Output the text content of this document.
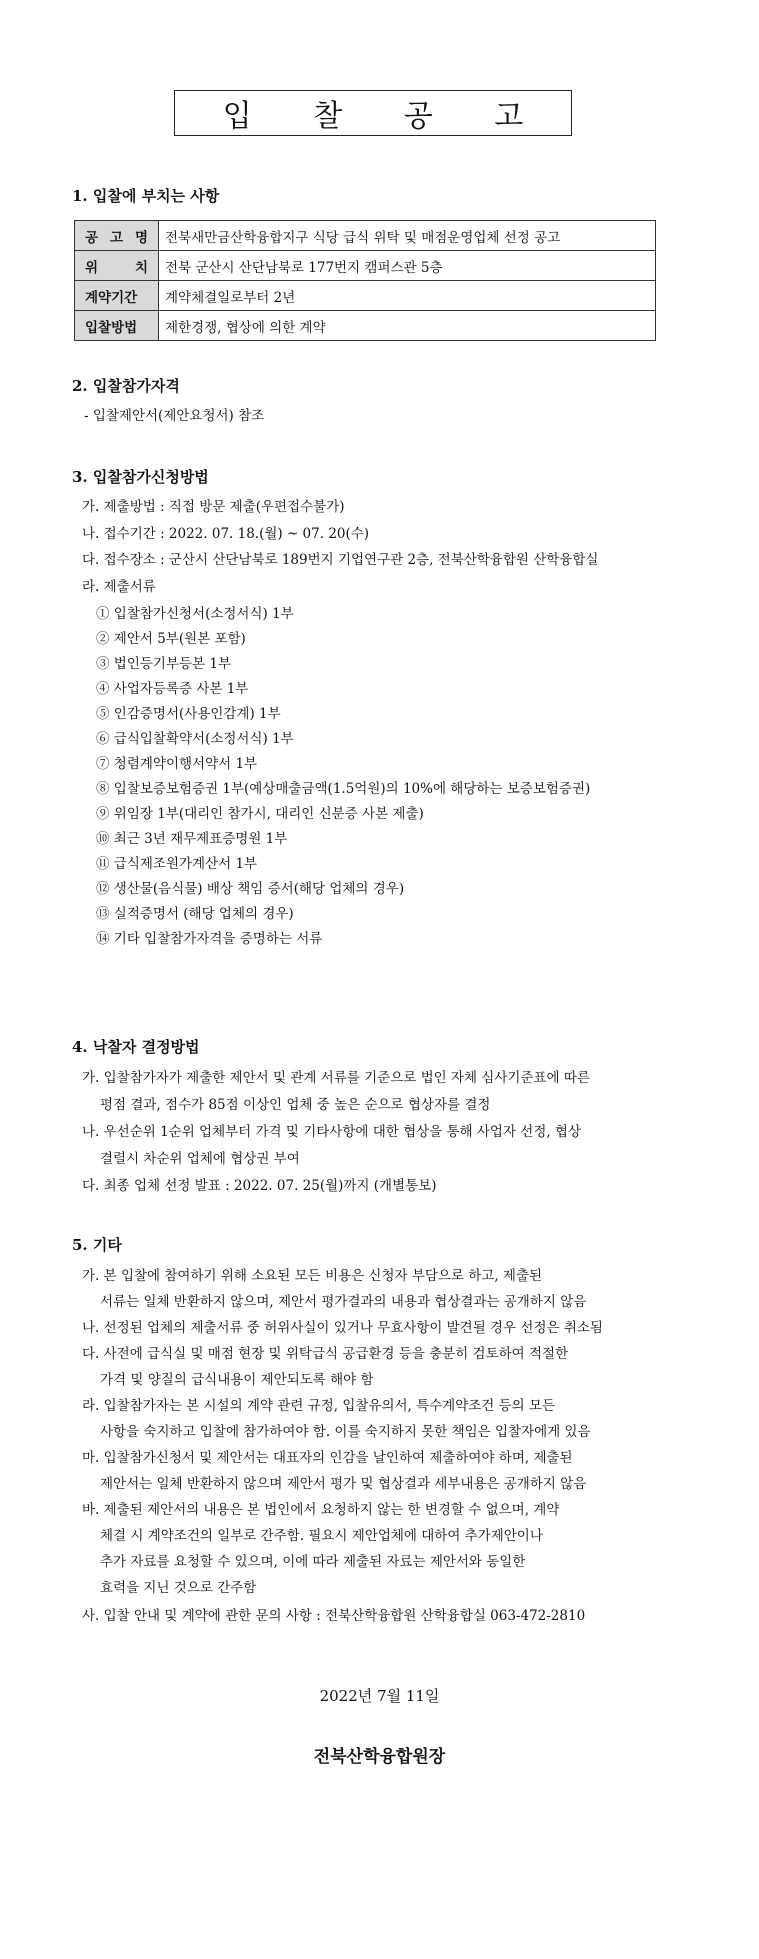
입 찰 공 고
1. 입찰에 부치는 사항
공 고 명	전북새만금산학융합지구 식당 급식 위탁 및 매점운영업체 선정 공고
위 치	전북 군산시 산단남북로 177번지 캠퍼스관 5층
계약기간	계약체결일로부터 2년
입찰방법	제한경쟁, 협상에 의한 계약
2. 입찰참가자격
- 입찰제안서(제안요청서) 참조
3. 입찰참가신청방법
가. 제출방법 : 직접 방문 제출(우편접수불가)
나. 접수기간 : 2022. 07. 18.(월) ~ 07. 20(수)
다. 접수장소 : 군산시 산단남북로 189번지 기업연구관 2층, 전북산학융합원 산학융합실
라. 제출서류
① 입찰참가신청서(소정서식) 1부
② 제안서 5부(원본 포함)
③ 법인등기부등본 1부
④ 사업자등록증 사본 1부
⑤ 인감증명서(사용인감계) 1부
⑥ 급식입찰확약서(소정서식) 1부
⑦ 청렴계약이행서약서 1부
⑧ 입찰보증보험증권 1부(예상매출금액(1.5억원)의 10%에 해당하는 보증보험증권)
⑨ 위임장 1부(대리인 참가시, 대리인 신분증 사본 제출)
⑩ 최근 3년 재무제표증명원 1부
⑪ 급식제조원가계산서 1부
⑫ 생산물(음식물) 배상 책임 증서(해당 업체의 경우)
⑬ 실적증명서 (해당 업체의 경우)
⑭ 기타 입찰참가자격을 증명하는 서류
4. 낙찰자 결정방법
가. 입찰참가자가 제출한 제안서 및 관계 서류를 기준으로 법인 자체 심사기준표에 따른
평점 결과, 점수가 85점 이상인 업체 중 높은 순으로 협상자를 결정
나. 우선순위 1순위 업체부터 가격 및 기타사항에 대한 협상을 통해 사업자 선정, 협상
결렬시 차순위 업체에 협상권 부여
다. 최종 업체 선정 발표 : 2022. 07. 25(월)까지 (개별통보)
5. 기타
가. 본 입찰에 참여하기 위해 소요된 모든 비용은 신청자 부담으로 하고, 제출된
서류는 일체 반환하지 않으며, 제안서 평가결과의 내용과 협상결과는 공개하지 않음
나. 선정된 업체의 제출서류 중 허위사실이 있거나 무효사항이 발견될 경우 선정은 취소됨
다. 사전에 급식실 및 매점 현장 및 위탁급식 공급환경 등을 충분히 검토하여 적절한
가격 및 양질의 급식내용이 제안되도록 해야 함
라. 입찰참가자는 본 시설의 계약 관련 규정, 입찰유의서, 특수계약조건 등의 모든
사항을 숙지하고 입찰에 참가하여야 함. 이를 숙지하지 못한 책임은 입찰자에게 있음
마. 입찰참가신청서 및 제안서는 대표자의 인감을 날인하여 제출하여야 하며, 제출된
제안서는 일체 반환하지 않으며 제안서 평가 및 협상결과 세부내용은 공개하지 않음
바. 제출된 제안서의 내용은 본 법인에서 요청하지 않는 한 변경할 수 없으며, 계약
체결 시 계약조건의 일부로 간주함. 필요시 제안업체에 대하여 추가제안이나
추가 자료를 요청할 수 있으며, 이에 따라 제출된 자료는 제안서와 동일한
효력을 지닌 것으로 간주함
사. 입찰 안내 및 계약에 관한 문의 사항 : 전북산학융합원 산학융합실 063-472-2810
2022년 7월 11일
전북산학융합원장
